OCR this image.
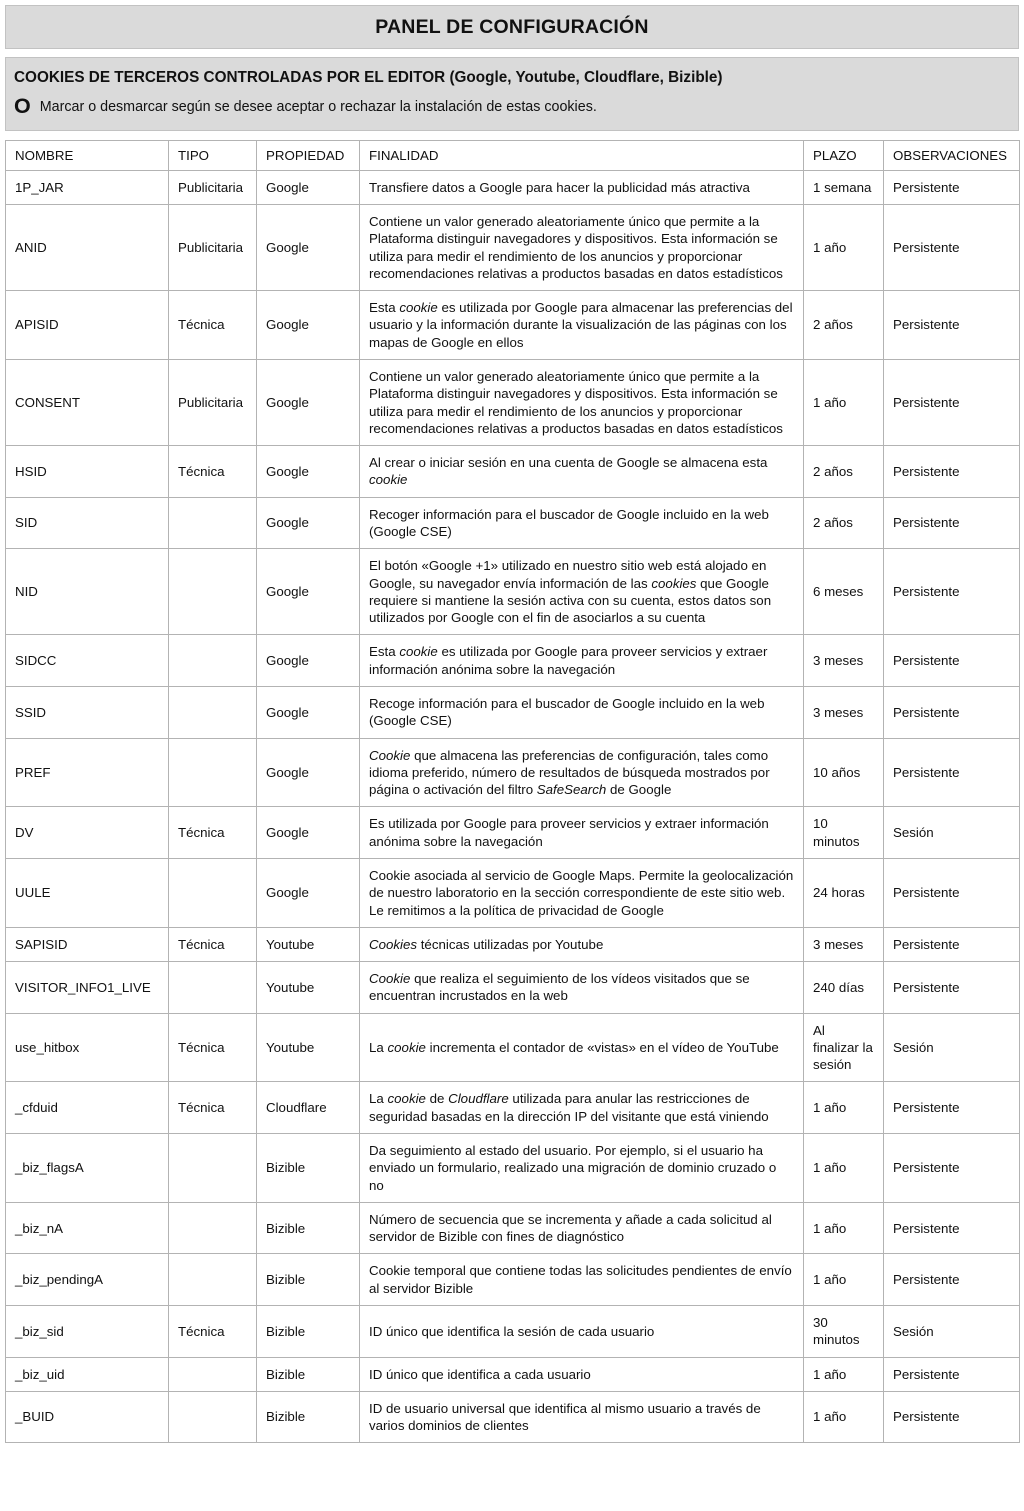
PANEL DE CONFIGURACIÓN
COOKIES DE TERCEROS CONTROLADAS POR EL EDITOR (Google, Youtube, Cloudflare, Bizible)
O Marcar o desmarcar según se desee aceptar o rechazar la instalación de estas cookies.
NOMBRE	TIPO	PROPIEDAD	FINALIDAD	PLAZO	OBSERVACIONES
1P_JAR	Publicitaria	Google	Transfiere datos a Google para hacer la publicidad más atractiva	1 semana	Persistente
ANID	Publicitaria	Google	Contiene un valor generado aleatoriamente único que permite a la Plataforma distinguir navegadores y dispositivos. Esta información se utiliza para medir el rendimiento de los anuncios y proporcionar recomendaciones relativas a productos basadas en datos estadísticos	1 año	Persistente
APISID	Técnica	Google	Esta cookie es utilizada por Google para almacenar las preferencias del usuario y la información durante la visualización de las páginas con los mapas de Google en ellos	2 años	Persistente
CONSENT	Publicitaria	Google	Contiene un valor generado aleatoriamente único que permite a la Plataforma distinguir navegadores y dispositivos. Esta información se utiliza para medir el rendimiento de los anuncios y proporcionar recomendaciones relativas a productos basadas en datos estadísticos	1 año	Persistente
HSID	Técnica	Google	Al crear o iniciar sesión en una cuenta de Google se almacena esta cookie	2 años	Persistente
SID		Google	Recoger información para el buscador de Google incluido en la web (Google CSE)	2 años	Persistente
NID		Google	El botón «Google +1» utilizado en nuestro sitio web está alojado en Google, su navegador envía información de las cookies que Google requiere si mantiene la sesión activa con su cuenta, estos datos son utilizados por Google con el fin de asociarlos a su cuenta	6 meses	Persistente
SIDCC		Google	Esta cookie es utilizada por Google para proveer servicios y extraer información anónima sobre la navegación	3 meses	Persistente
SSID		Google	Recoge información para el buscador de Google incluido en la web (Google CSE)	3 meses	Persistente
PREF		Google	Cookie que almacena las preferencias de configuración, tales como idioma preferido, número de resultados de búsqueda mostrados por página o activación del filtro SafeSearch de Google	10 años	Persistente
DV	Técnica	Google	Es utilizada por Google para proveer servicios y extraer información anónima sobre la navegación	10 minutos	Sesión
UULE		Google	Cookie asociada al servicio de Google Maps. Permite la geolocalización de nuestro laboratorio en la sección correspondiente de este sitio web. Le remitimos a la política de privacidad de Google	24 horas	Persistente
SAPISID	Técnica	Youtube	Cookies técnicas utilizadas por Youtube	3 meses	Persistente
VISITOR_INFO1_LIVE		Youtube	Cookie que realiza el seguimiento de los vídeos visitados que se encuentran incrustados en la web	240 días	Persistente
use_hitbox	Técnica	Youtube	La cookie incrementa el contador de «vistas» en el vídeo de YouTube	Al finalizar la sesión	Sesión
_cfduid	Técnica	Cloudflare	La cookie de Cloudflare utilizada para anular las restricciones de seguridad basadas en la dirección IP del visitante que está viniendo	1 año	Persistente
_biz_flagsA		Bizible	Da seguimiento al estado del usuario. Por ejemplo, si el usuario ha enviado un formulario, realizado una migración de dominio cruzado o no	1 año	Persistente
_biz_nA		Bizible	Número de secuencia que se incrementa y añade a cada solicitud al servidor de Bizible con fines de diagnóstico	1 año	Persistente
_biz_pendingA		Bizible	Cookie temporal que contiene todas las solicitudes pendientes de envío al servidor Bizible	1 año	Persistente
_biz_sid	Técnica	Bizible	ID único que identifica la sesión de cada usuario	30 minutos	Sesión
_biz_uid		Bizible	ID único que identifica a cada usuario	1 año	Persistente
_BUID		Bizible	ID de usuario universal que identifica al mismo usuario a través de varios dominios de clientes	1 año	Persistente
